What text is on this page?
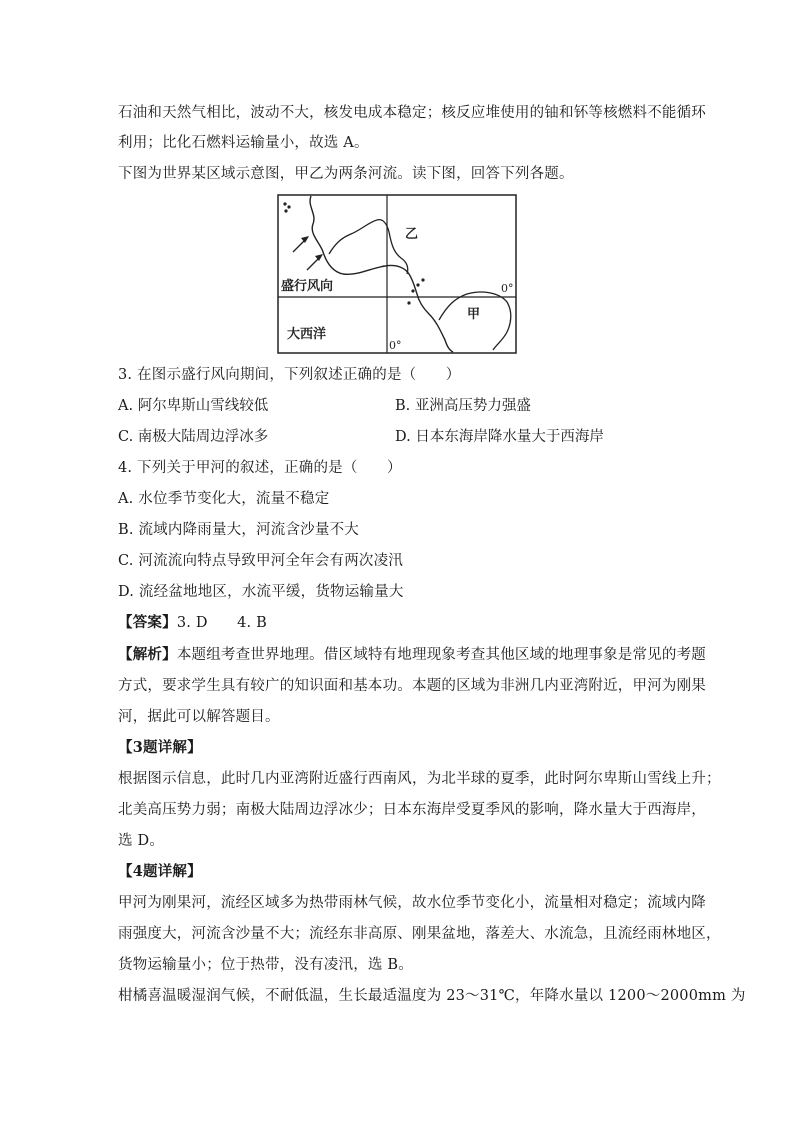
石油和天然气相比，波动不大，核发电成本稳定；核反应堆使用的铀和钚等核燃料不能循环
利用；比化石燃料运输量小，故选 A。
下图为世界某区域示意图，甲乙为两条河流。读下图，回答下列各题。
乙
甲
盛行风向
大西洋
0°
0°
3. 在图示盛行风向期间，下列叙述正确的是（　　）
A. 阿尔卑斯山雪线较低	B. 亚洲高压势力强盛
C. 南极大陆周边浮冰多	D. 日本东海岸降水量大于西海岸
4. 下列关于甲河的叙述，正确的是（　　）
A. 水位季节变化大，流量不稳定
B. 流域内降雨量大，河流含沙量不大
C. 河流流向特点导致甲河全年会有两次凌汛
D. 流经盆地地区，水流平缓，货物运输量大
【答案】3. D　　4. B
【解析】本题组考查世界地理。借区域特有地理现象考查其他区域的地理事象是常见的考题
方式，要求学生具有较广的知识面和基本功。本题的区域为非洲几内亚湾附近，甲河为刚果
河，据此可以解答题目。
【3题详解】
根据图示信息，此时几内亚湾附近盛行西南风，为北半球的夏季，此时阿尔卑斯山雪线上升；
北美高压势力弱；南极大陆周边浮冰少；日本东海岸受夏季风的影响，降水量大于西海岸，
选 D。
【4题详解】
甲河为刚果河，流经区域多为热带雨林气候，故水位季节变化小，流量相对稳定；流域内降
雨强度大，河流含沙量不大；流经东非高原、刚果盆地，落差大、水流急，且流经雨林地区，
货物运输量小；位于热带，没有凌汛，选 B。
柑橘喜温暖湿润气候，不耐低温，生长最适温度为 23～31℃，年降水量以 1200～2000mm 为
